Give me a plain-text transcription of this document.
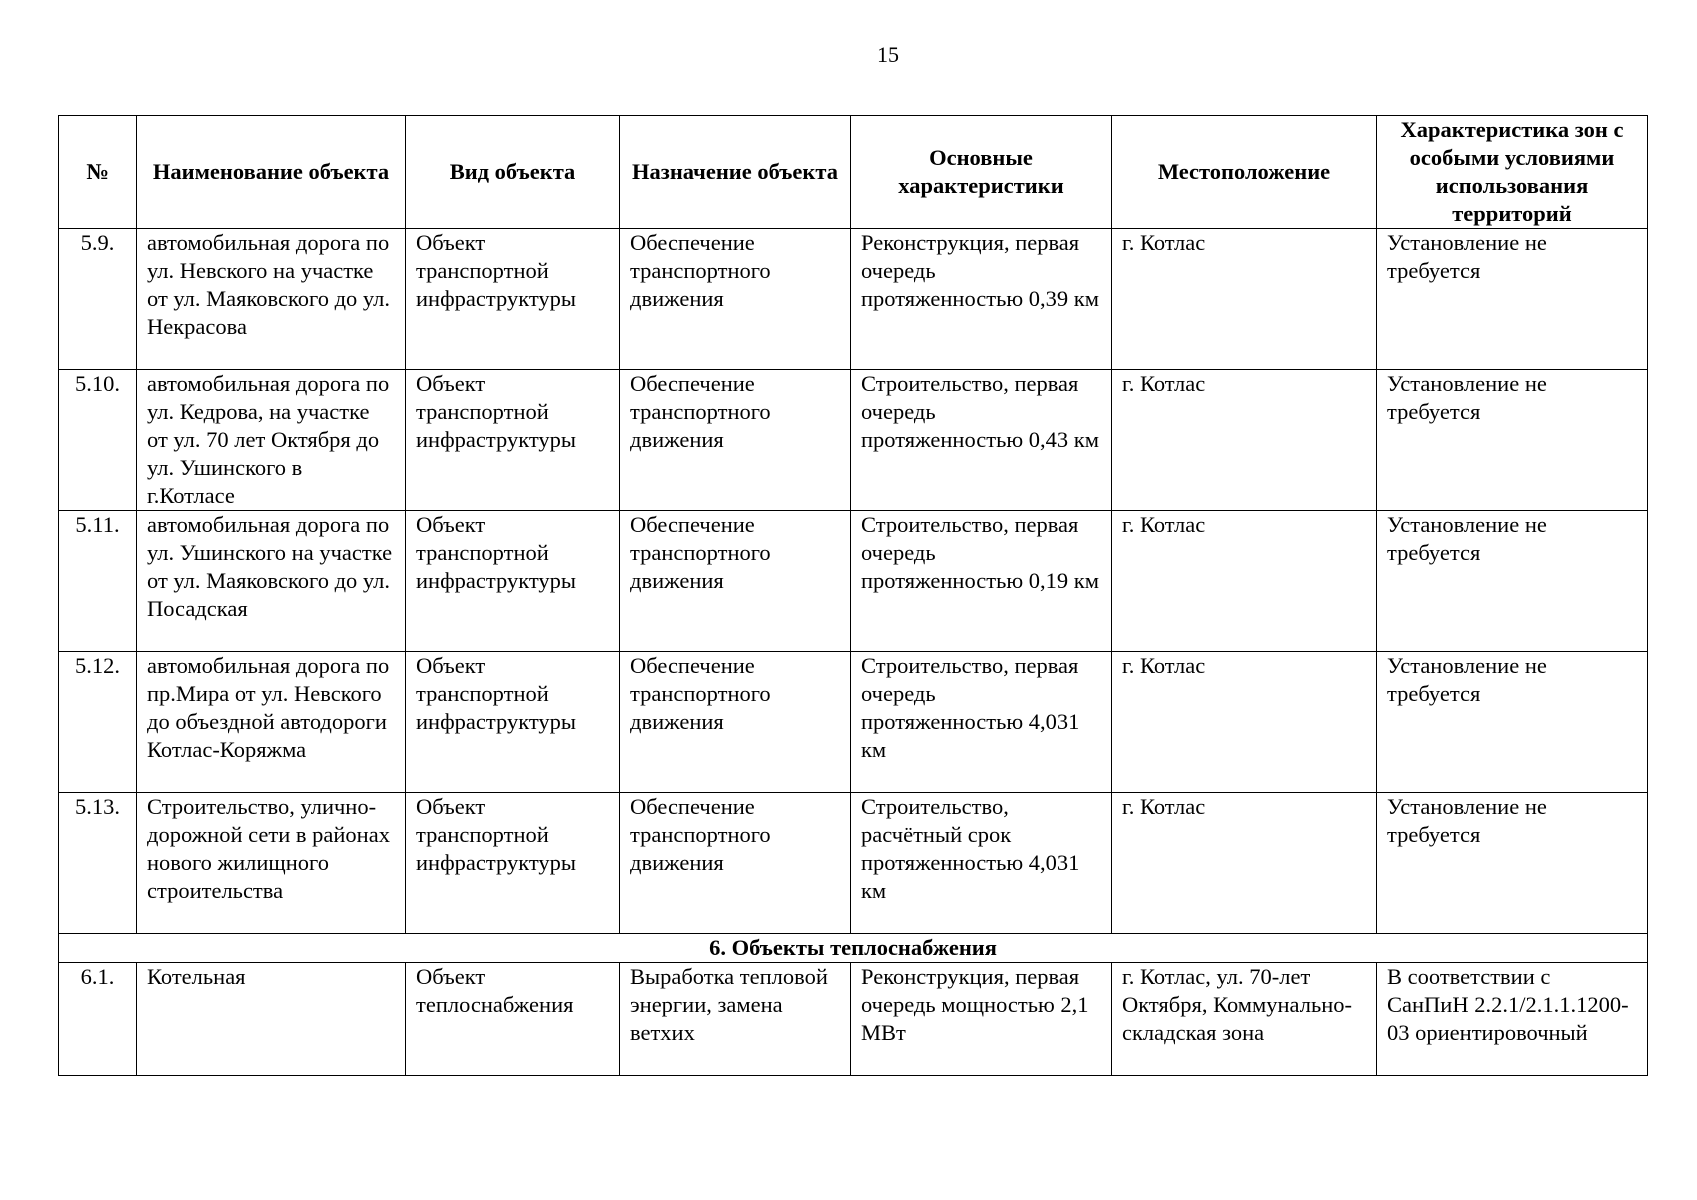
15
№	Наименование объекта	Вид объекта	Назначение объекта	Основные характеристики	Местоположение	Характеристика зон с особыми условиями использования территорий
5.9.	автомобильная дорога по ул. Невского на участке от ул. Маяковского до ул. Некрасова	Объект транспортной инфраструктуры	Обеспечение транспортного движения	Реконструкция, первая очередь протяженностью 0,39 км	г. Котлас	Установление не требуется
5.10.	автомобильная дорога по ул. Кедрова, на участке от ул. 70 лет Октября до ул. Ушинского в г.Котласе	Объект транспортной инфраструктуры	Обеспечение транспортного движения	Строительство, первая очередь протяженностью 0,43 км	г. Котлас	Установление не требуется
5.11.	автомобильная дорога по ул. Ушинского на участке от ул. Маяковского до ул. Посадская	Объект транспортной инфраструктуры	Обеспечение транспортного движения	Строительство, первая очередь протяженностью 0,19 км	г. Котлас	Установление не требуется
5.12.	автомобильная дорога по пр.Мира от ул. Невского до объездной автодороги Котлас-Коряжма	Объект транспортной инфраструктуры	Обеспечение транспортного движения	Строительство, первая очередь протяженностью 4,031 км	г. Котлас	Установление не требуется
5.13.	Строительство, улично- дорожной сети в районах нового жилищного строительства	Объект транспортной инфраструктуры	Обеспечение транспортного движения	Строительство, расчётный срок протяженностью 4,031 км	г. Котлас	Установление не требуется
6. Объекты теплоснабжения						
6.1.	Котельная	Объект теплоснабжения	Выработка тепловой энергии, замена ветхих	Реконструкция, первая очередь мощностью 2,1 МВт	г. Котлас, ул. 70-лет Октября, Коммунально-складская зона	В соответствии с СанПиН 2.2.1/2.1.1.1200-03 ориентировочный
